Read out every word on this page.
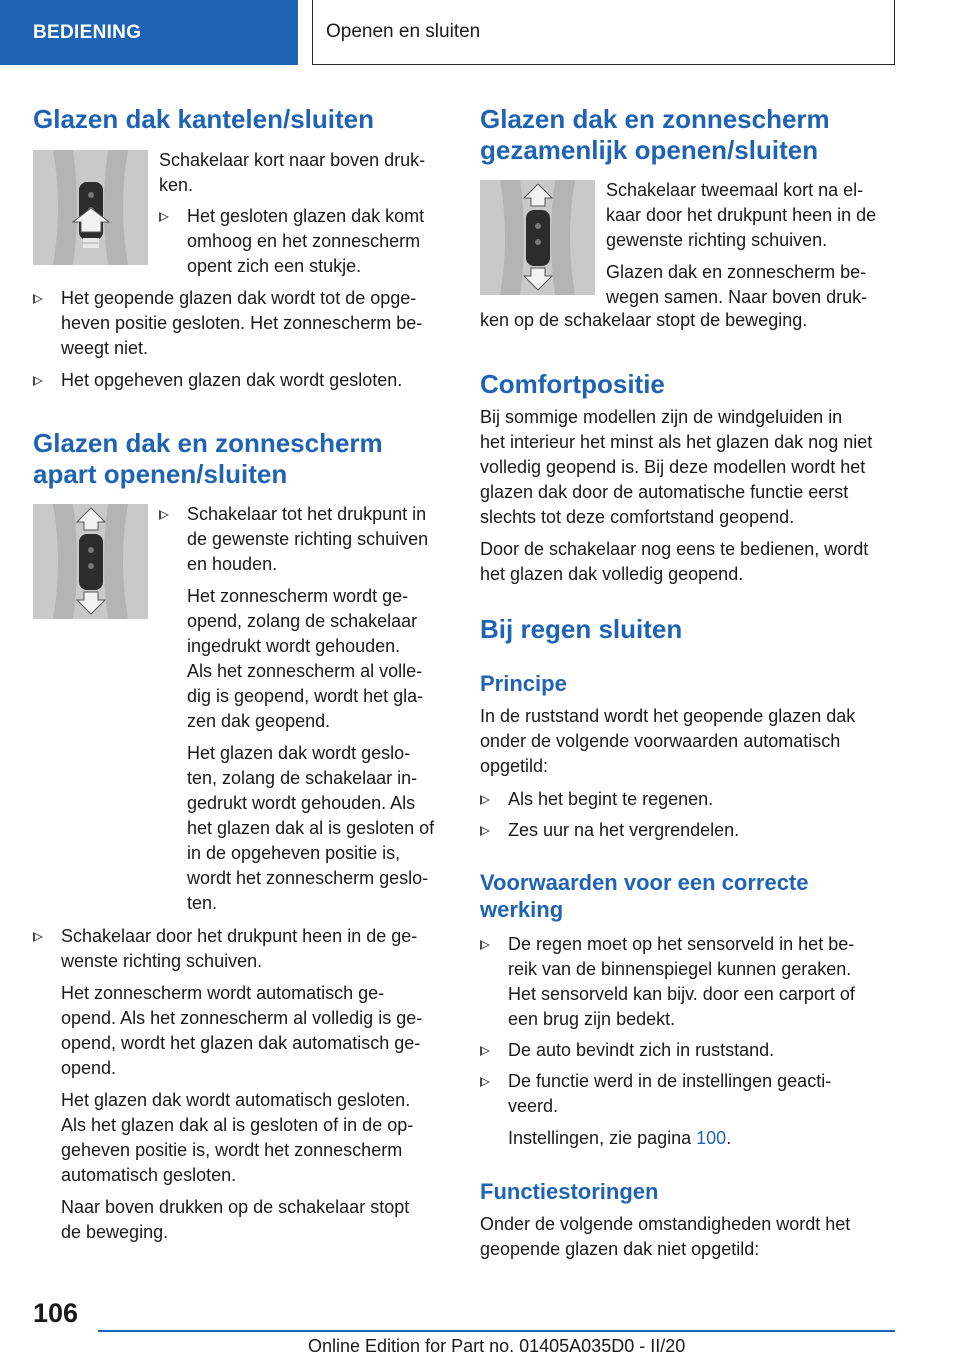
BEDIENING	Openen en sluiten
Glazen dak kantelen/sluiten

Schakelaar kort naar boven druk-

ken.

Het gesloten glazen dak komt
omhoog en het zonnescherm
opent zich een stukje.
Het geopende glazen dak wordt tot de opge-
heven positie gesloten. Het zonnescherm be-
weegt niet.
Het opgeheven glazen dak wordt gesloten.
Glazen dak en zonnescherm
apart openen/sluiten
Schakelaar tot het drukpunt in
de gewenste richting schuiven
en houden.
Het zonnescherm wordt ge-
opend, zolang de schakelaar
ingedrukt wordt gehouden.
Als het zonnescherm al volle-
dig is geopend, wordt het gla-
zen dak geopend.
Het glazen dak wordt geslo-
ten, zolang de schakelaar in-
gedrukt wordt gehouden. Als
het glazen dak al is gesloten of
in de opgeheven positie is,
wordt het zonnescherm geslo-
ten.
Schakelaar door het drukpunt heen in de ge-
wenste richting schuiven.
Het zonnescherm wordt automatisch ge-
opend. Als het zonnescherm al volledig is ge-
opend, wordt het glazen dak automatisch ge-
opend.
Het glazen dak wordt automatisch gesloten.
Als het glazen dak al is gesloten of in de op-
geheven positie is, wordt het zonnescherm
automatisch gesloten.
Naar boven drukken op de schakelaar stopt
de beweging.
Glazen dak en zonnescherm
gezamenlijk openen/sluiten

Schakelaar tweemaal kort na el-

kaar door het drukpunt heen in de

gewenste richting schuiven.

Glazen dak en zonnescherm be-

wegen samen. Naar boven druk-

ken op de schakelaar stopt de beweging.

Comfortpositie

Bij sommige modellen zijn de windgeluiden in

het interieur het minst als het glazen dak nog niet

volledig geopend is. Bij deze modellen wordt het

glazen dak door de automatische functie eerst

slechts tot deze comfortstand geopend.

Door de schakelaar nog eens te bedienen, wordt

het glazen dak volledig geopend.

Bij regen sluiten
Principe

In de ruststand wordt het geopende glazen dak

onder de volgende voorwaarden automatisch

opgetild:

Als het begint te regenen.
Zes uur na het vergrendelen.
Voorwaarden voor een correcte
werking
De regen moet op het sensorveld in het be-
reik van de binnenspiegel kunnen geraken.
Het sensorveld kan bijv. door een carport of
een brug zijn bedekt.
De auto bevindt zich in ruststand.
De functie werd in de instellingen geacti-
veerd.
Instellingen, zie pagina 100.
Functiestoringen

Onder de volgende omstandigheden wordt het

geopende glazen dak niet opgetild:

106
Online Edition for Part no. 01405A035D0 - II/20
